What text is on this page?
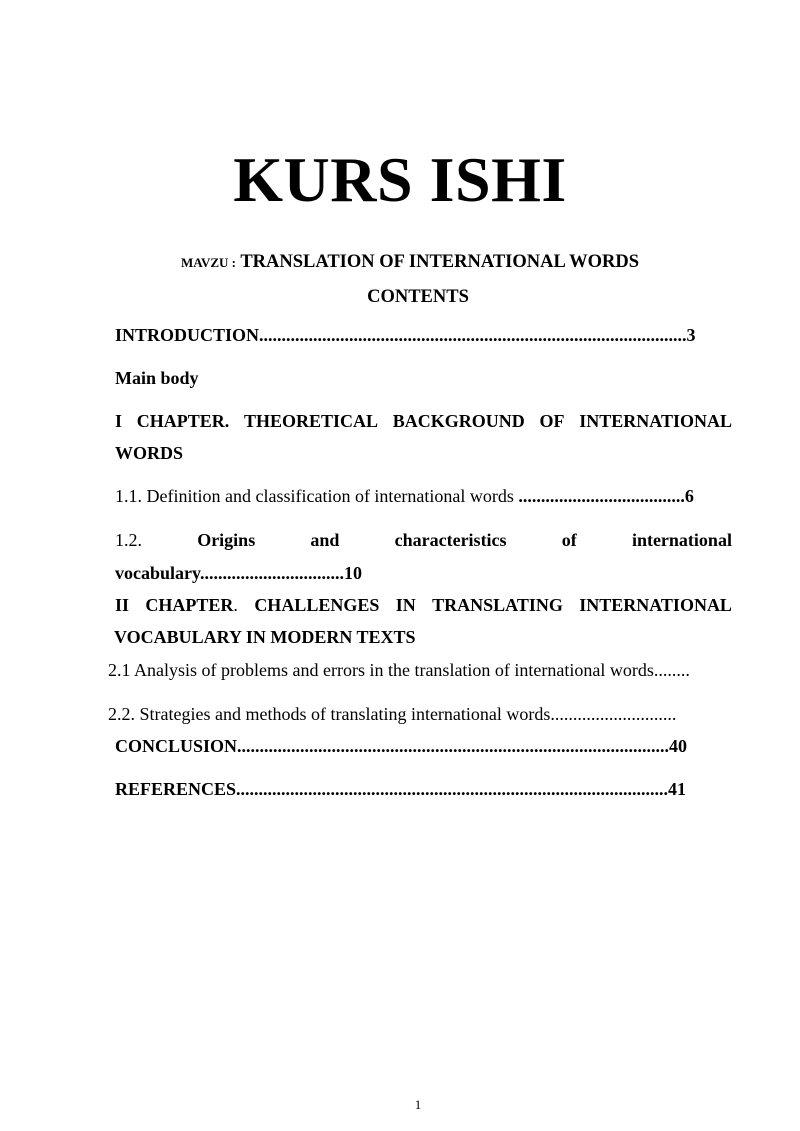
KURS ISHI
MAVZU : TRANSLATION OF INTERNATIONAL WORDS
CONTENTS
INTRODUCTION...............................................................................................3
Main body
I CHAPTER. THEORETICAL BACKGROUND OF INTERNATIONAL
WORDS
1.1. Definition and classification of international words .....................................6
1.2.	Origins	and	characteristics	of	international
vocabulary................................10
II CHAPTER. CHALLENGES IN TRANSLATING INTERNATIONAL
VOCABULARY IN MODERN TEXTS
2.1 Analysis of problems and errors in the translation of international words........
2.2. Strategies and methods of translating international words............................
CONCLUSION................................................................................................40
REFERENCES................................................................................................41
1
